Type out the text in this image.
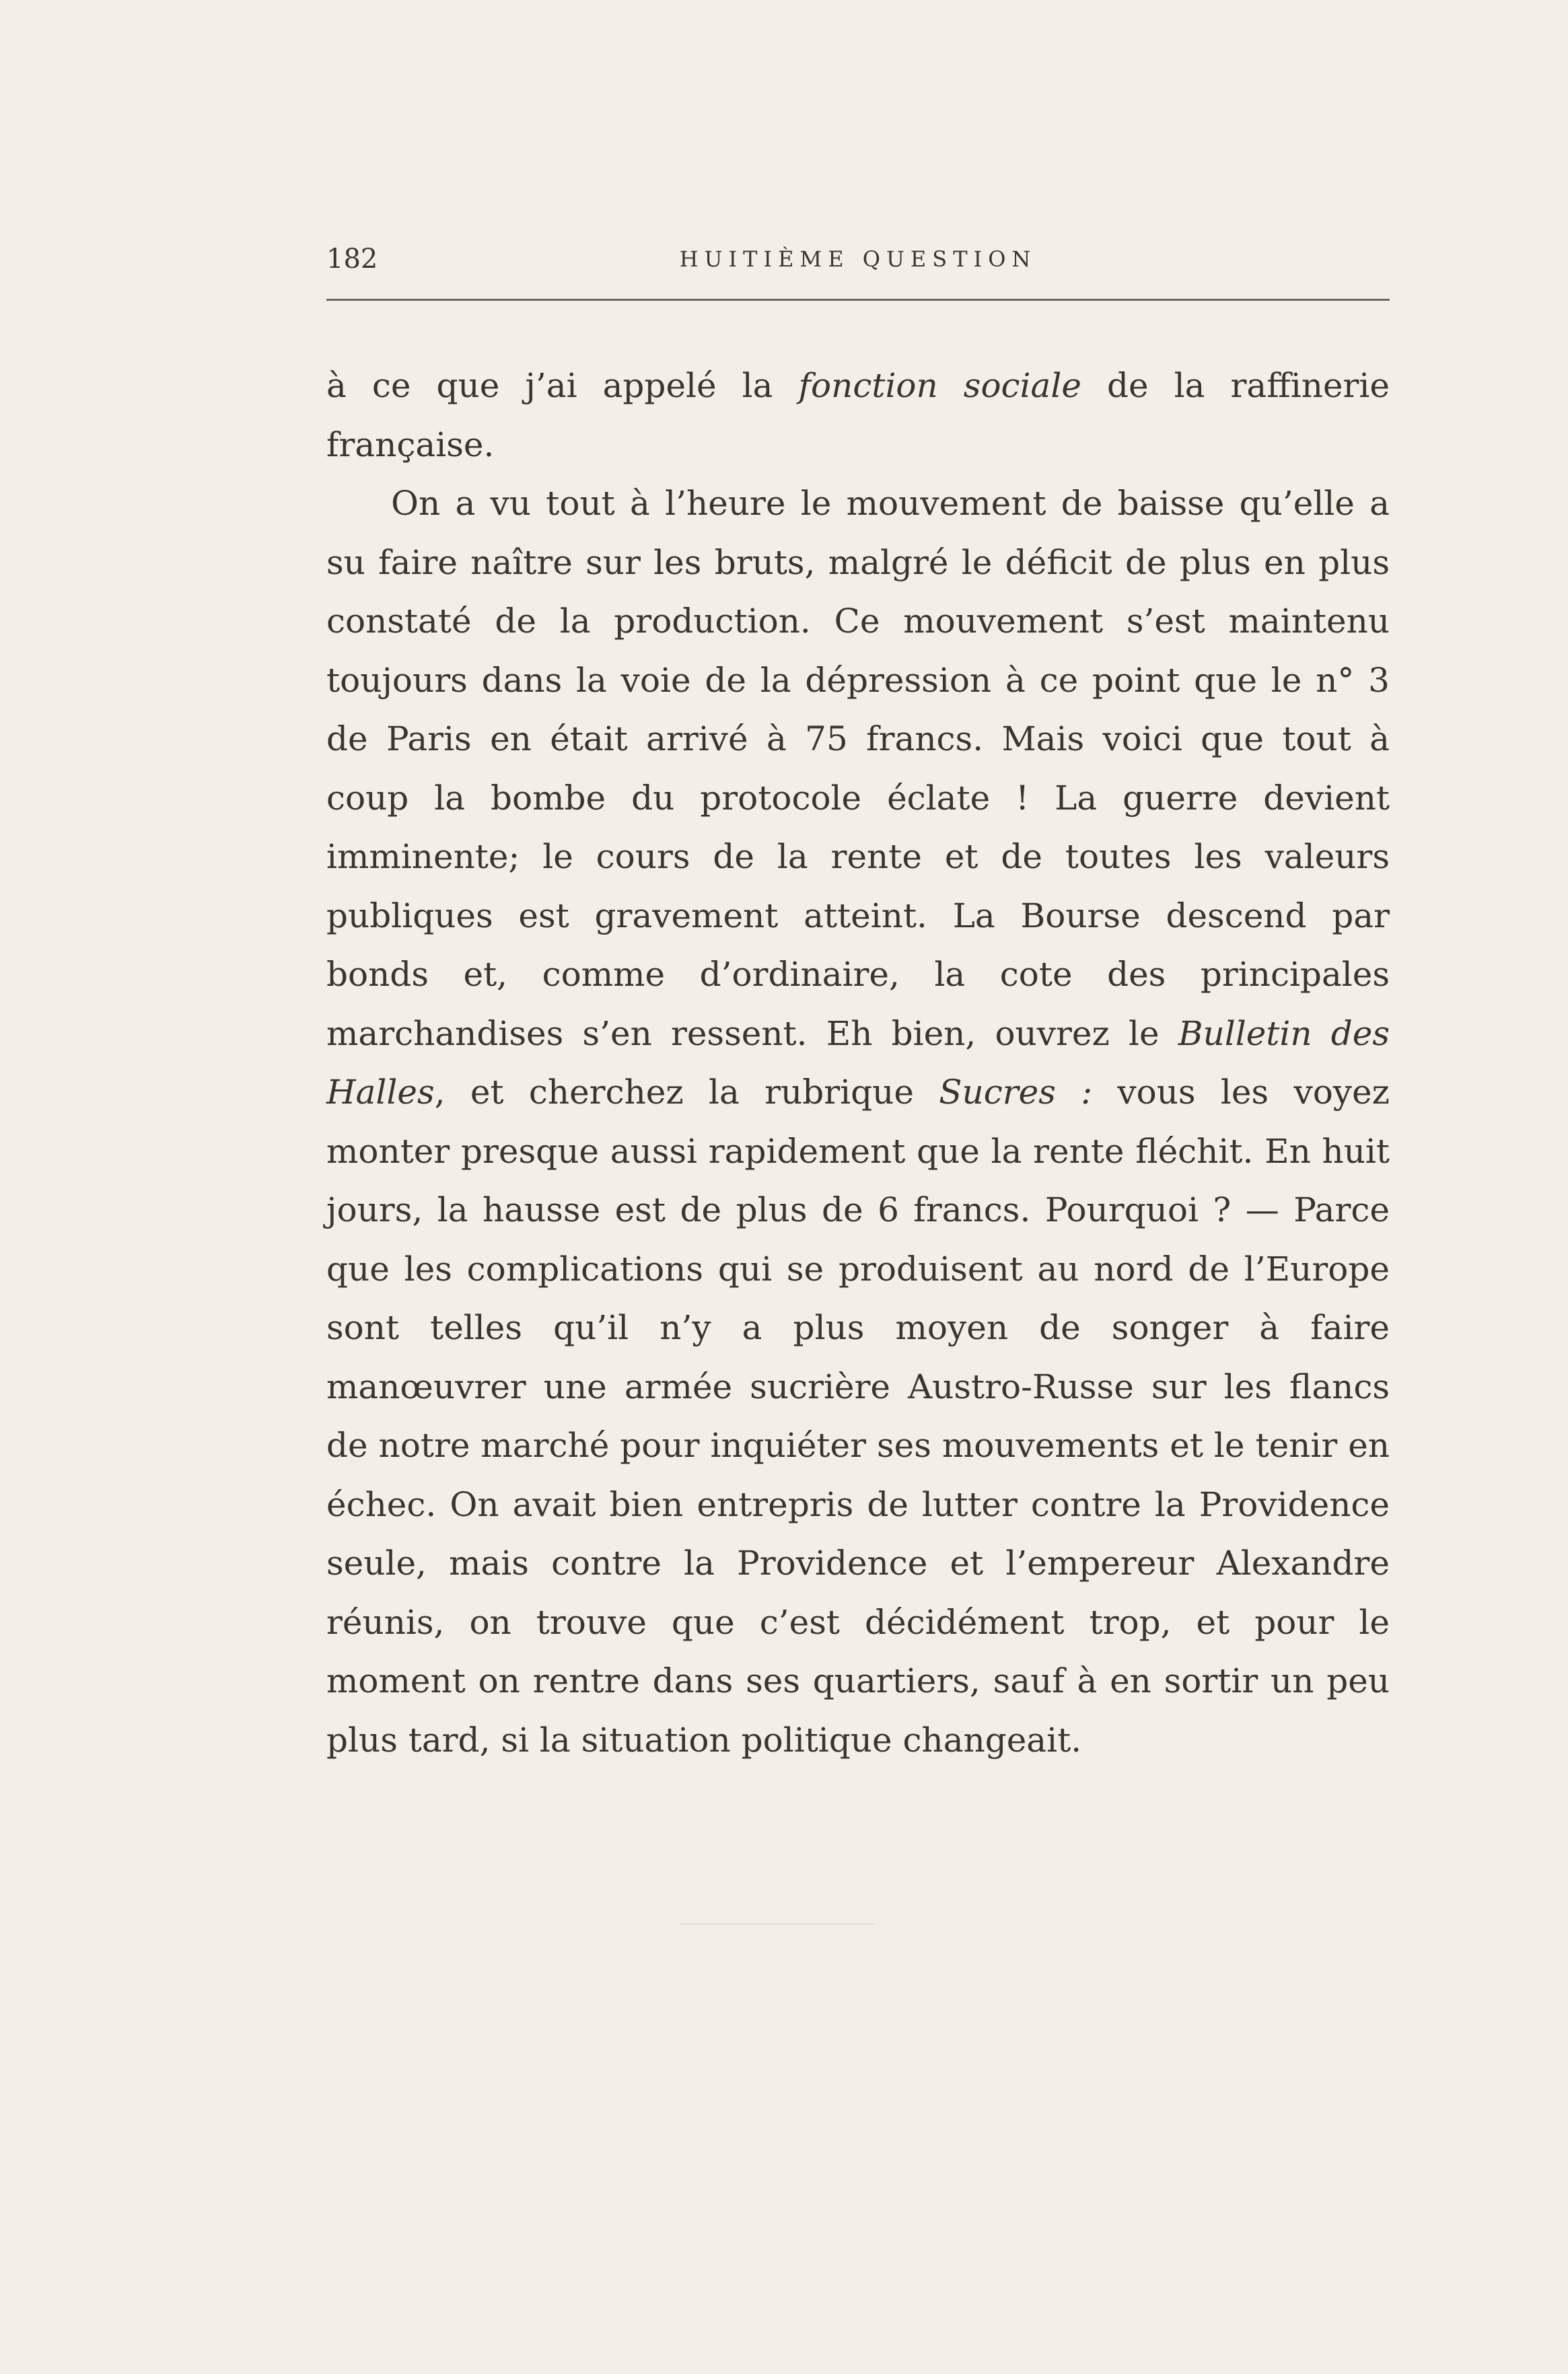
182	HUITIÈME QUESTION

à ce que j’ai appelé la fonction sociale de la raffinerie française.

On a vu tout à l’heure le mouvement de baisse qu’elle a su faire naître sur les bruts, malgré le déficit de plus en plus constaté de la production. Ce mouvement s’est maintenu toujours dans la voie de la dépression à ce point que le n° 3 de Paris en était arrivé à 75 francs. Mais voici que tout à coup la bombe du protocole éclate ! La guerre devient imminente; le cours de la rente et de toutes les valeurs publiques est gravement atteint. La Bourse descend par bonds et, comme d’ordinaire, la cote des principales marchandises s’en ressent. Eh bien, ouvrez le Bulletin des Halles, et cherchez la rubrique Sucres : vous les voyez monter presque aussi rapidement que la rente fléchit. En huit jours, la hausse est de plus de 6 francs. Pourquoi ? — Parce que les complications qui se produisent au nord de l’Europe sont telles qu’il n’y a plus moyen de songer à faire manœuvrer une armée sucrière Austro-Russe sur les flancs de notre marché pour inquiéter ses mouvements et le tenir en échec. On avait bien entrepris de lutter contre la Providence seule, mais contre la Providence et l’empereur Alexandre réunis, on trouve que c’est décidément trop, et pour le moment on rentre dans ses quartiers, sauf à en sortir un peu plus tard, si la situation politique changeait.
